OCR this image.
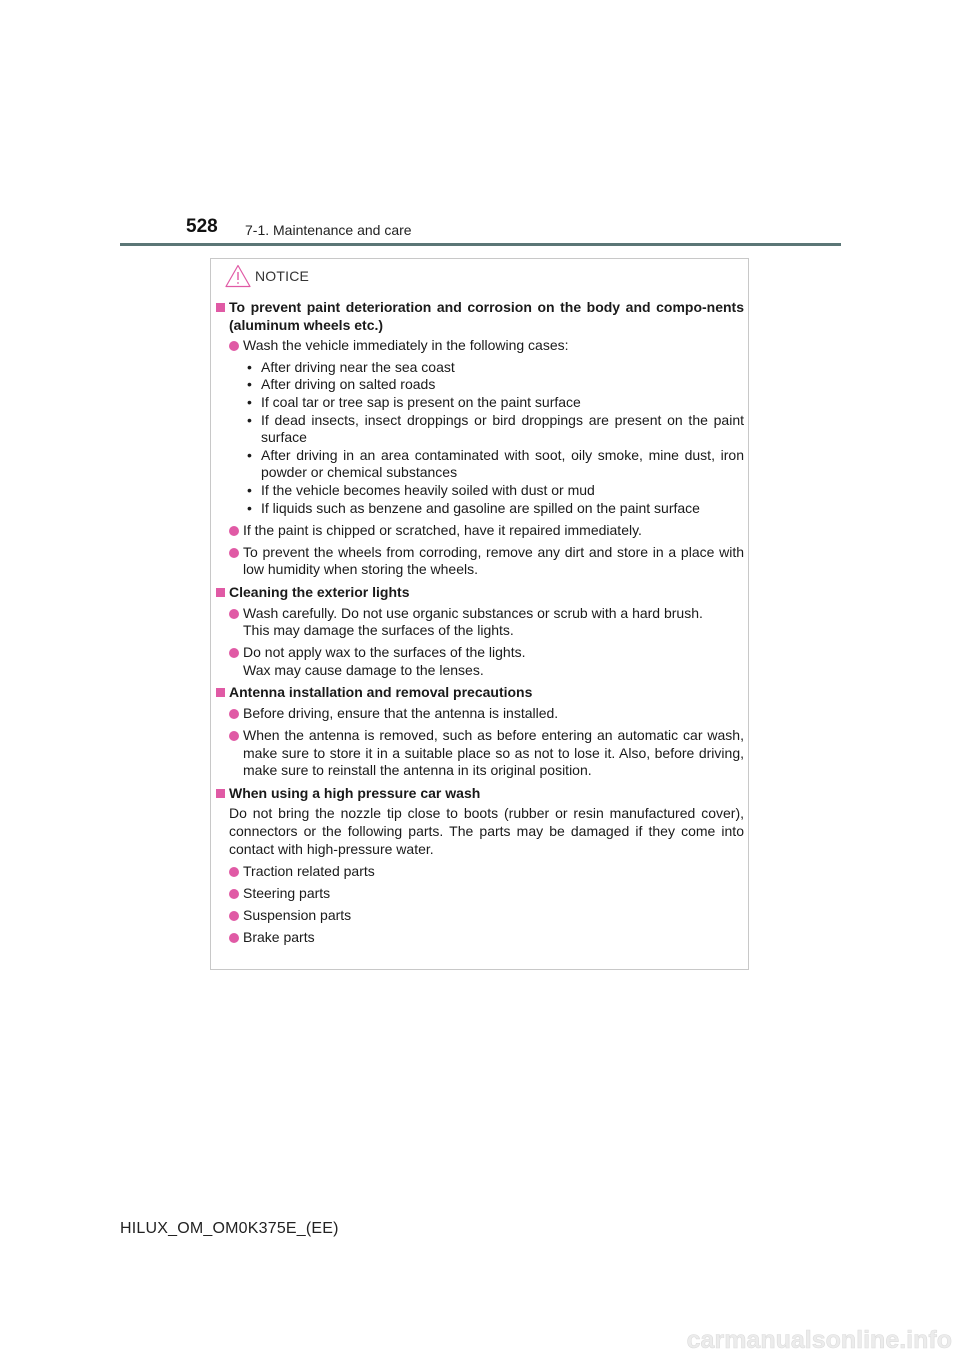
528 7-1. Maintenance and care
NOTICE
To prevent paint deterioration and corrosion on the body and compo-nents (aluminum wheels etc.)
Wash the vehicle immediately in the following cases:
• After driving near the sea coast
• After driving on salted roads
• If coal tar or tree sap is present on the paint surface
• If dead insects, insect droppings or bird droppings are present on the paint surface
• After driving in an area contaminated with soot, oily smoke, mine dust, iron powder or chemical substances
• If the vehicle becomes heavily soiled with dust or mud
• If liquids such as benzene and gasoline are spilled on the paint surface
If the paint is chipped or scratched, have it repaired immediately.
To prevent the wheels from corroding, remove any dirt and store in a place with low humidity when storing the wheels.
Cleaning the exterior lights
Wash carefully. Do not use organic substances or scrub with a hard brush.
This may damage the surfaces of the lights.
Do not apply wax to the surfaces of the lights.
Wax may cause damage to the lenses.
Antenna installation and removal precautions
Before driving, ensure that the antenna is installed.
When the antenna is removed, such as before entering an automatic car wash, make sure to store it in a suitable place so as not to lose it. Also, before driving, make sure to reinstall the antenna in its original position.
When using a high pressure car wash
Do not bring the nozzle tip close to boots (rubber or resin manufactured cover), connectors or the following parts. The parts may be damaged if they come into contact with high-pressure water.
Traction related parts
Steering parts
Suspension parts
Brake parts
HILUX_OM_OM0K375E_(EE)
carmanualsonline.info
